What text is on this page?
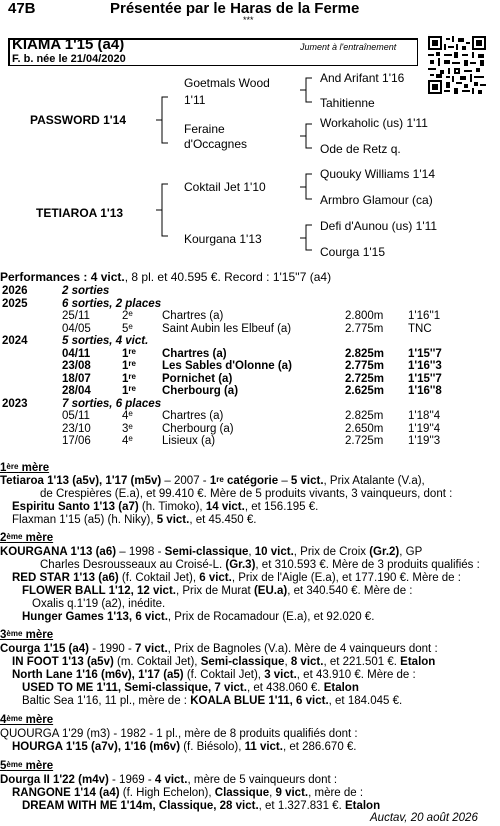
47B	Présentée par le Haras de la Ferme
***
KIAMA 1'15 (a4)	Jument à l'entraînement
F. b. née le 21/04/2020
Goetmals Wood
1'11
Feraine
d'Occagnes
PASSWORD 1'14
And Arifant 1'16
Tahitienne
Workaholic (us) 1'11
Ode de Retz q.
Coktail Jet 1'10
Kourgana 1'13
TETIAROA 1'13
Quouky Williams 1'14
Armbro Glamour (ca)
Defi d'Aunou (us) 1'11
Courga 1'15
Performances : 4 vict., 8 pl. et 40.595 €. Record : 1'15''7 (a4)
2026	2 sorties
2025	6 sorties, 2 places
25/11	2e	Chartres (a)	2.800m 1'16''1
04/05	5e	Saint Aubin les Elbeuf (a)	2.775m TNC
2024	5 sorties, 4 vict.
04/11	1re Chartres (a)	2.825m 1'15''7
23/08	1re Les Sables d'Olonne (a)	2.775m 1'16''3
18/07	1re Pornichet (a)	2.725m 1'15''7
28/04	1re Cherbourg (a)	2.625m 1'16''8
2023	7 sorties, 6 places
05/11	4e	Chartres (a)	2.825m 1'18''4
23/10	3e	Cherbourg (a)	2.650m 1'19''4
17/06	4e	Lisieux (a)	2.725m 1'19''3
1ère mère
Tetiaroa 1'13 (a5v), 1'17 (m5v) – 2007 - 1re catégorie – 5 vict., Prix Atalante (V.a),
de Crespières (E.a), et 99.410 €. Mère de 5 produits vivants, 3 vainqueurs, dont :
Espiritu Santo 1'13 (a7) (h. Timoko), 14 vict., et 156.195 €.
Flaxman 1'15 (a5) (h. Niky), 5 vict., et 45.450 €.
2ème mère
KOURGANA 1'13 (a6) – 1998 - Semi-classique, 10 vict., Prix de Croix (Gr.2), GP
Charles Desrousseaux au Croisé-L. (Gr.3), et 310.593 €. Mère de 3 produits qualifiés :
RED STAR 1'13 (a6) (f. Coktail Jet), 6 vict., Prix de l'Aigle (E.a), et 177.190 €. Mère de :
FLOWER BALL 1'12, 12 vict., Prix de Murat (EU.a), et 340.540 €. Mère de :
Oxalis q.1'19 (a2), inédite.
Hunger Games 1'13, 6 vict., Prix de Rocamadour (E.a), et 92.020 €.
3ème mère
Courga 1'15 (a4) - 1990 - 7 vict., Prix de Bagnoles (V.a). Mère de 4 vainqueurs dont :
IN FOOT 1'13 (a5v) (m. Coktail Jet), Semi-classique, 8 vict., et 221.501 €. Etalon
North Lane 1'16 (m6v), 1'17 (a5) (f. Coktail Jet), 3 vict., et 43.910 €. Mère de :
USED TO ME 1'11, Semi-classique, 7 vict., et 438.060 €. Etalon
Baltic Sea 1'16, 11 pl., mère de : KOALA BLUE 1'11, 6 vict., et 184.045 €.
4ème mère
QUOURGA 1'29 (m3) - 1982 - 1 pl., mère de 8 produits qualifiés dont :
HOURGA 1'15 (a7v), 1'16 (m6v) (f. Biésolo), 11 vict., et 286.670 €.
5ème mère
Dourga II 1'22 (m4v) - 1969 - 4 vict., mère de 5 vainqueurs dont :
RANGONE 1'14 (a4) (f. High Echelon), Classique, 9 vict., mère de :
DREAM WITH ME 1'14m, Classique, 28 vict., et 1.327.831 €. Etalon
Auctav, 20 août 2026
